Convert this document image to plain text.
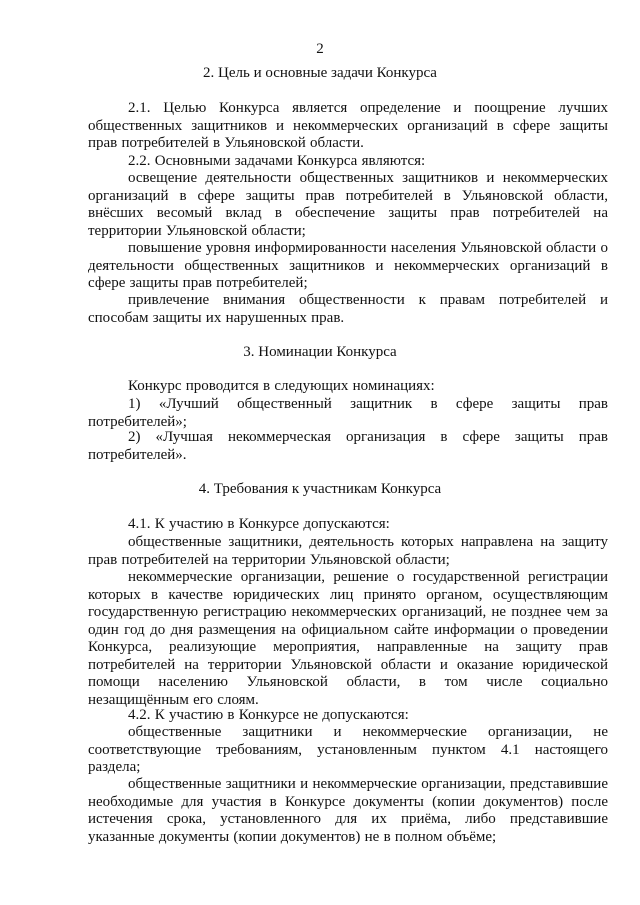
2
2. Цель и основные задачи Конкурса
2.1. Целью Конкурса является определение и поощрение лучших общественных защитников и некоммерческих организаций в сфере защиты прав потребителей в Ульяновской области.
2.2. Основными задачами Конкурса являются:
освещение деятельности общественных защитников и некоммерческих организаций в сфере защиты прав потребителей в Ульяновской области, внёсших весомый вклад в обеспечение защиты прав потребителей на территории Ульяновской области;
повышение уровня информированности населения Ульяновской области о деятельности общественных защитников и некоммерческих организаций в сфере защиты прав потребителей;
привлечение внимания общественности к правам потребителей и способам защиты их нарушенных прав.
3. Номинации Конкурса
Конкурс проводится в следующих номинациях:
1) «Лучший общественный защитник в сфере защиты прав потребителей»;
2) «Лучшая некоммерческая организация в сфере защиты прав потребителей».
4. Требования к участникам Конкурса
4.1. К участию в Конкурсе допускаются:
общественные защитники, деятельность которых направлена на защиту прав потребителей на территории Ульяновской области;
некоммерческие организации, решение о государственной регистрации которых в качестве юридических лиц принято органом, осуществляющим государственную регистрацию некоммерческих организаций, не позднее чем за один год до дня размещения на официальном сайте информации о проведении Конкурса, реализующие мероприятия, направленные на защиту прав потребителей на территории Ульяновской области и оказание юридической помощи населению Ульяновской области, в том числе социально незащищённым его слоям.
4.2. К участию в Конкурсе не допускаются:
общественные защитники и некоммерческие организации, не соответствующие требованиям, установленным пунктом 4.1 настоящего раздела;
общественные защитники и некоммерческие организации, представившие необходимые для участия в Конкурсе документы (копии документов) после истечения срока, установленного для их приёма, либо представившие указанные документы (копии документов) не в полном объёме;
